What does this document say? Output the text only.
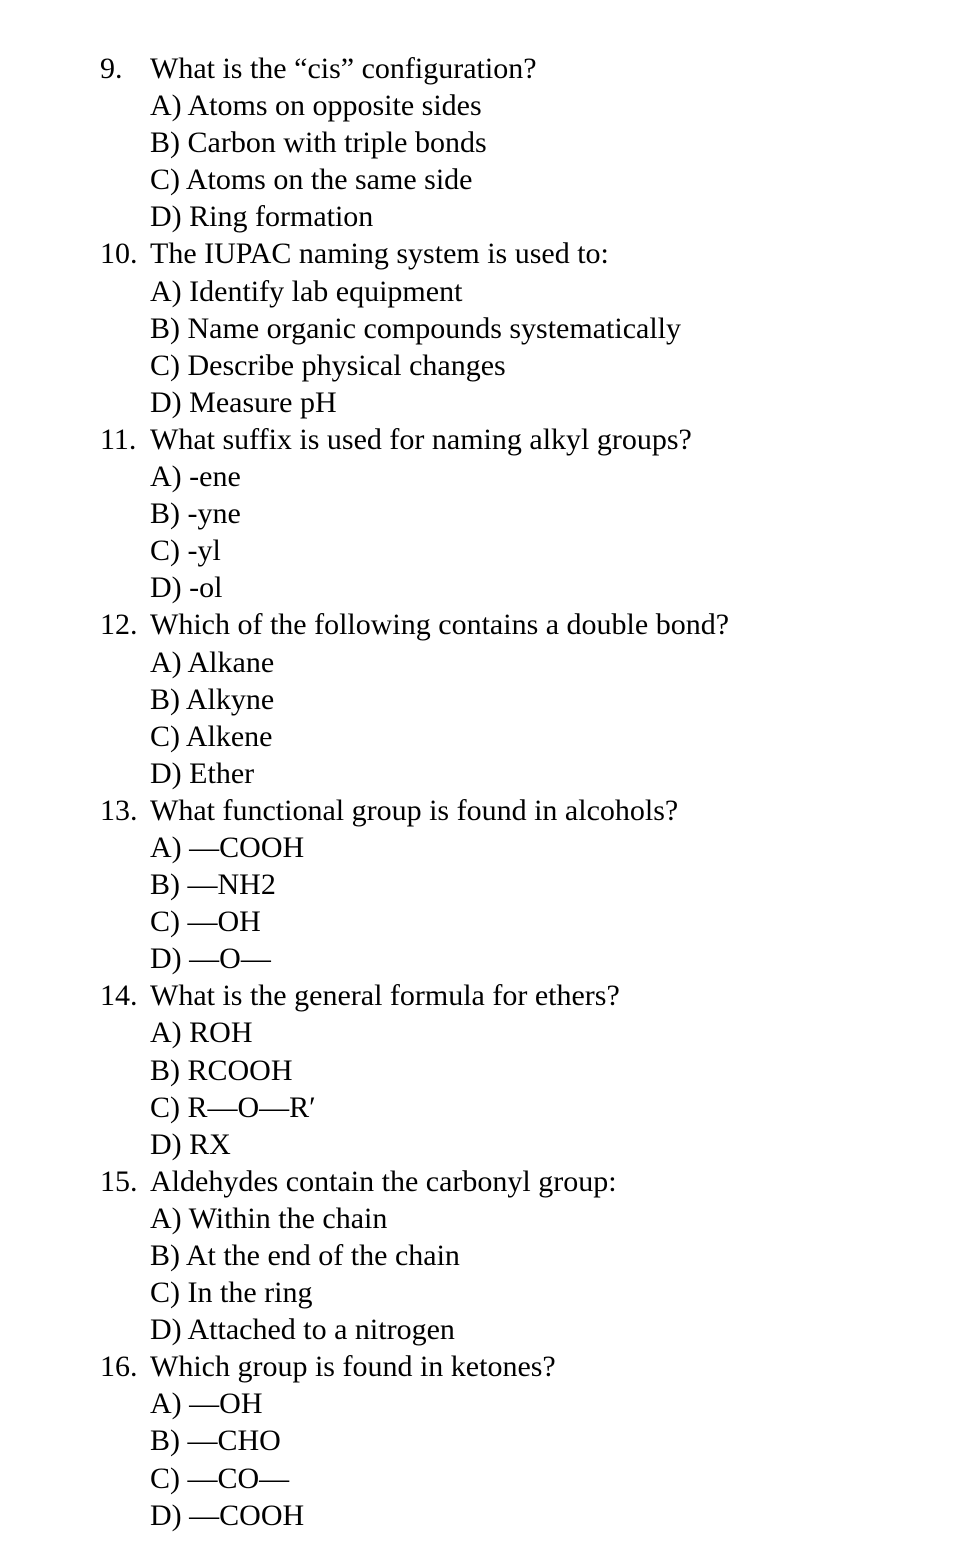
9. What is the “cis” configuration?
A) Atoms on opposite sides
B) Carbon with triple bonds
C) Atoms on the same side
D) Ring formation
10. The IUPAC naming system is used to:
A) Identify lab equipment
B) Name organic compounds systematically
C) Describe physical changes
D) Measure pH
11. What suffix is used for naming alkyl groups?
A) -ene
B) -yne
C) -yl
D) -ol
12. Which of the following contains a double bond?
A) Alkane
B) Alkyne
C) Alkene
D) Ether
13. What functional group is found in alcohols?
A) —COOH
B) —NH2
C) —OH
D) —O—
14. What is the general formula for ethers?
A) ROH
B) RCOOH
C) R—O—R′
D) RX
15. Aldehydes contain the carbonyl group:
A) Within the chain
B) At the end of the chain
C) In the ring
D) Attached to a nitrogen
16. Which group is found in ketones?
A) —OH
B) —CHO
C) —CO—
D) —COOH
